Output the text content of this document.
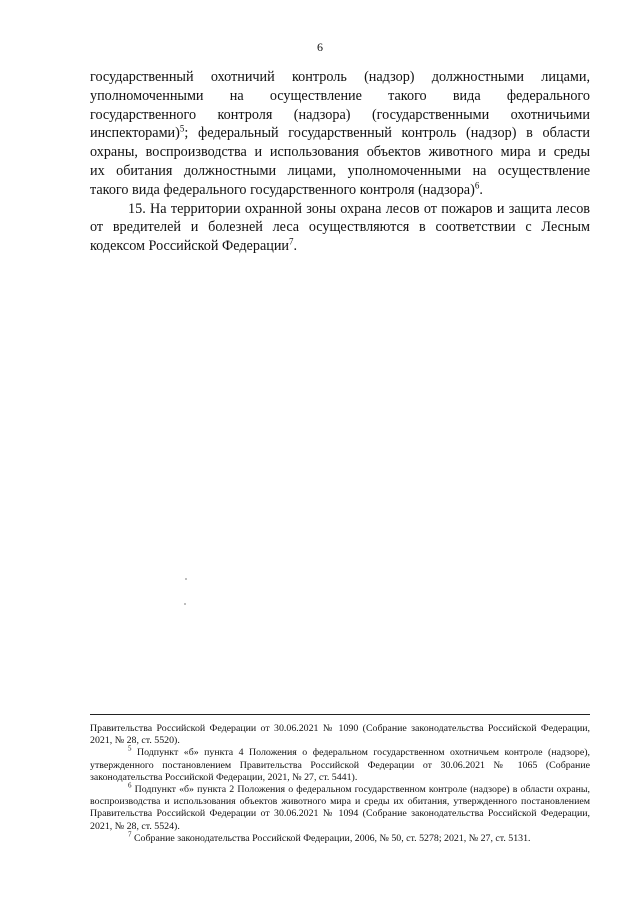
6

государственный охотничий контроль (надзор) должностными лицами,
уполномоченными на осуществление такого вида федерального
государственного контроля (надзора) (государственными охотничьими
инспекторами)$^5$; федеральный государственный контроль (надзор) в области
охраны, воспроизводства и использования объектов животного мира и среды
их обитания должностными лицами, уполномоченными на осуществление
такого вида федерального государственного контроля (надзора)$^6$.

15. На территории охранной зоны охрана лесов от пожаров и защита лесов от вредителей и болезней леса осуществляются в соответствии с Лесным кодексом Российской Федерации$^7$.

Правительства Российской Федерации от 30.06.2021 № 1090 (Собрание законодательства Российской Федерации, 2021, № 28, ст. 5520).

$^5$ Подпункт «б» пункта 4 Положения о федеральном государственном охотничьем контроле (надзоре), утвержденного постановлением Правительства Российской Федерации от 30.06.2021 № 1065 (Собрание законодательства Российской Федерации, 2021, № 27, ст. 5441).

$^6$ Подпункт «б» пункта 2 Положения о федеральном государственном контроле (надзоре) в области охраны, воспроизводства и использования объектов животного мира и среды их обитания, утвержденного постановлением Правительства Российской Федерации от 30.06.2021 № 1094 (Собрание законодательства Российской Федерации, 2021, № 28, ст. 5524).

$^7$ Собрание законодательства Российской Федерации, 2006, № 50, ст. 5278; 2021, № 27, ст. 5131.
